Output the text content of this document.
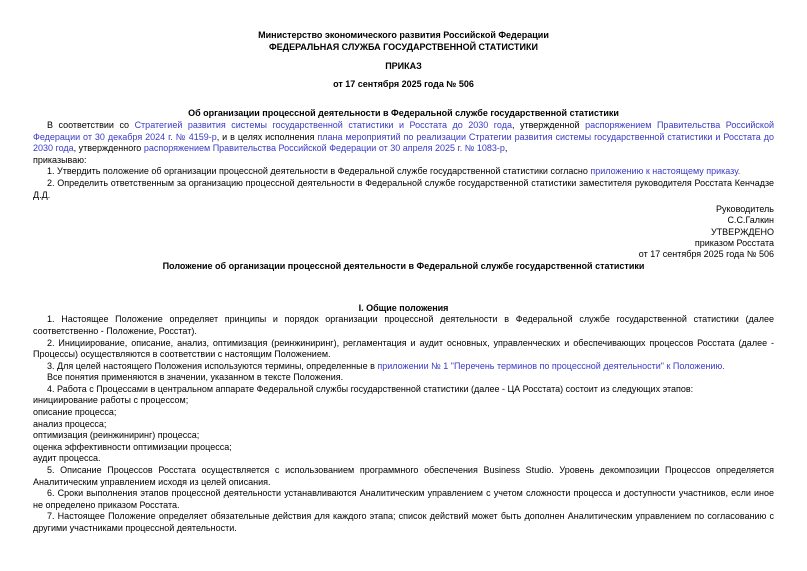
Министерство экономического развития Российской Федерации
ФЕДЕРАЛЬНАЯ СЛУЖБА ГОСУДАРСТВЕННОЙ СТАТИСТИКИ
ПРИКАЗ
от 17 сентября 2025 года № 506
Об организации процессной деятельности в Федеральной службе государственной статистики

В соответствии со Стратегией развития системы государственной статистики и Росстата до 2030 года, утвержденной распоряжением Правительства Российской Федерации от 30 декабря 2024 г. № 4159-р, и в целях исполнения плана мероприятий по реализации Стратегии развития системы государственной статистики и Росстата до 2030 года, утвержденного распоряжением Правительства Российской Федерации от 30 апреля 2025 г. № 1083-р,

приказываю:

1. Утвердить положение об организации процессной деятельности в Федеральной службе государственной статистики согласно приложению к настоящему приказу.

2. Определить ответственным за организацию процессной деятельности в Федеральной службе государственной статистики заместителя руководителя Росстата Кенчадзе Д.Д.

Руководитель
С.С.Галкин
УТВЕРЖДЕНО
приказом Росстата
от 17 сентября 2025 года № 506
Положение об организации процессной деятельности в Федеральной службе государственной статистики
I. Общие положения

1. Настоящее Положение определяет принципы и порядок организации процессной деятельности в Федеральной службе государственной статистики (далее соответственно - Положение, Росстат).

2. Инициирование, описание, анализ, оптимизация (реинжиниринг), регламентация и аудит основных, управленческих и обеспечивающих процессов Росстата (далее - Процессы) осуществляются в соответствии с настоящим Положением.

3. Для целей настоящего Положения используются термины, определенные в приложении № 1 "Перечень терминов по процессной деятельности" к Положению.

Все понятия применяются в значении, указанном в тексте Положения.

4. Работа с Процессами в центральном аппарате Федеральной службы государственной статистики (далее - ЦА Росстата) состоит из следующих этапов:

инициирование работы с процессом;
описание процесса;
анализ процесса;
оптимизация (реинжиниринг) процесса;
оценка эффективности оптимизации процесса;
аудит процесса.

5. Описание Процессов Росстата осуществляется с использованием программного обеспечения Business Studio. Уровень декомпозиции Процессов определяется Аналитическим управлением исходя из целей описания.

6. Сроки выполнения этапов процессной деятельности устанавливаются Аналитическим управлением с учетом сложности процесса и доступности участников, если иное не определено приказом Росстата.

7. Настоящее Положение определяет обязательные действия для каждого этапа; список действий может быть дополнен Аналитическим управлением по согласованию с другими участниками процессной деятельности.
